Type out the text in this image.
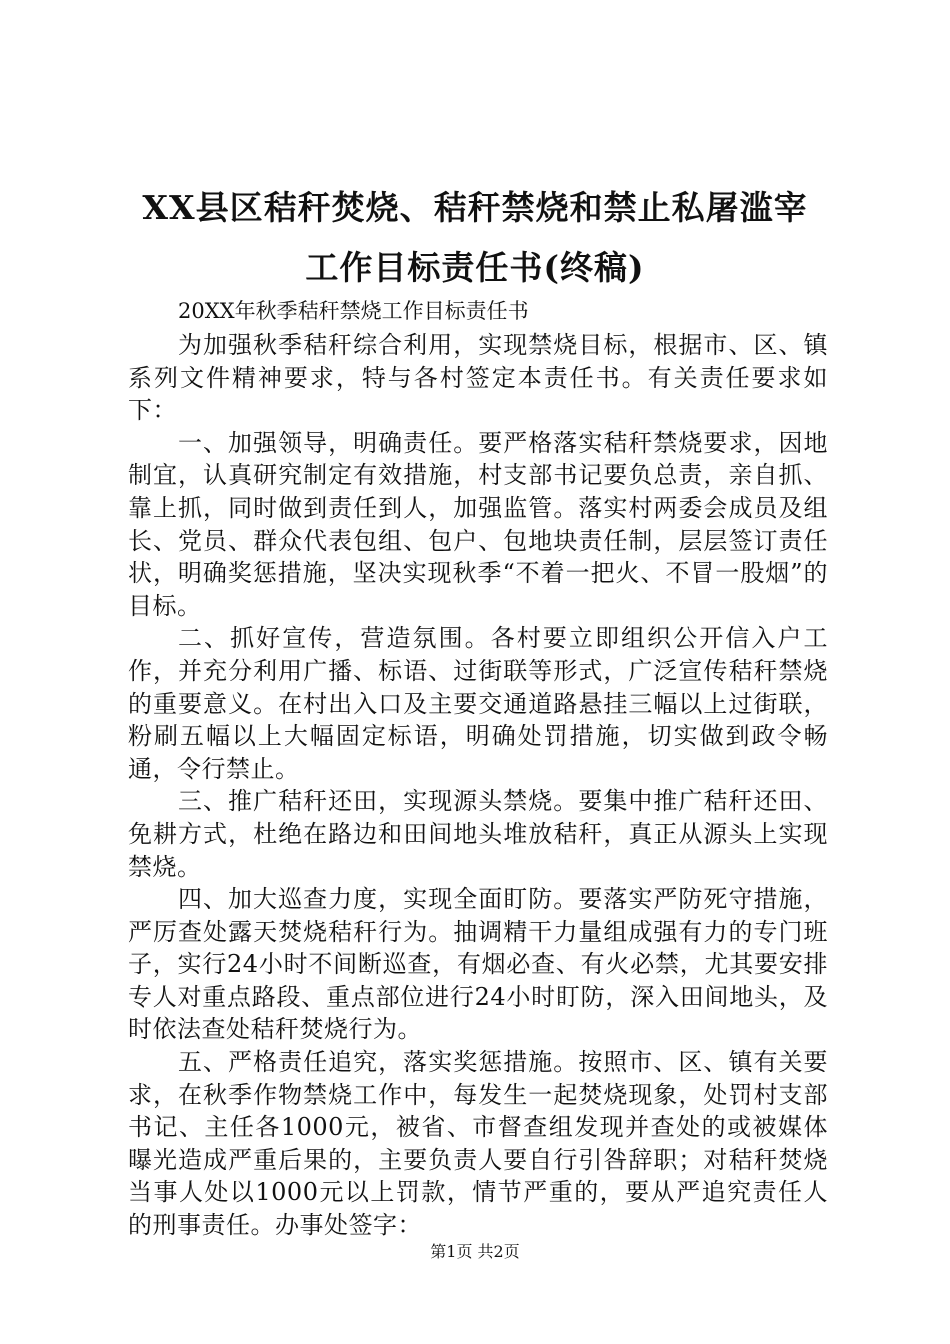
XX县区秸秆焚烧、秸秆禁烧和禁止私屠滥宰
工作目标责任书(终稿)
20XX年秋季秸秆禁烧工作目标责任书

为加强秋季秸秆综合利用，实现禁烧目标，根据市、区、镇系列文件精神要求，特与各村签定本责任书。有关责任要求如下：

一、加强领导，明确责任。要严格落实秸秆禁烧要求，因地制宜，认真研究制定有效措施，村支部书记要负总责，亲自抓、靠上抓，同时做到责任到人，加强监管。落实村两委会成员及组长、党员、群众代表包组、包户、包地块责任制，层层签订责任状，明确奖惩措施，坚决实现秋季“不着一把火、不冒一股烟”的目标。

二、抓好宣传，营造氛围。各村要立即组织公开信入户工作，并充分利用广播、标语、过街联等形式，广泛宣传秸秆禁烧的重要意义。在村出入口及主要交通道路悬挂三幅以上过街联，粉刷五幅以上大幅固定标语，明确处罚措施，切实做到政令畅通，令行禁止。

三、推广秸秆还田，实现源头禁烧。要集中推广秸秆还田、免耕方式，杜绝在路边和田间地头堆放秸秆，真正从源头上实现禁烧。

四、加大巡查力度，实现全面盯防。要落实严防死守措施，严厉查处露天焚烧秸秆行为。抽调精干力量组成强有力的专门班子，实行24小时不间断巡查，有烟必查、有火必禁，尤其要安排专人对重点路段、重点部位进行24小时盯防，深入田间地头，及时依法查处秸秆焚烧行为。

五、严格责任追究，落实奖惩措施。按照市、区、镇有关要求，在秋季作物禁烧工作中，每发生一起焚烧现象，处罚村支部书记、主任各1000元，被省、市督查组发现并查处的或被媒体曝光造成严重后果的，主要负责人要自行引咎辞职；对秸秆焚烧当事人处以1000元以上罚款，情节严重的，要从严追究责任人的刑事责任。办事处签字：

第1页 共2页
